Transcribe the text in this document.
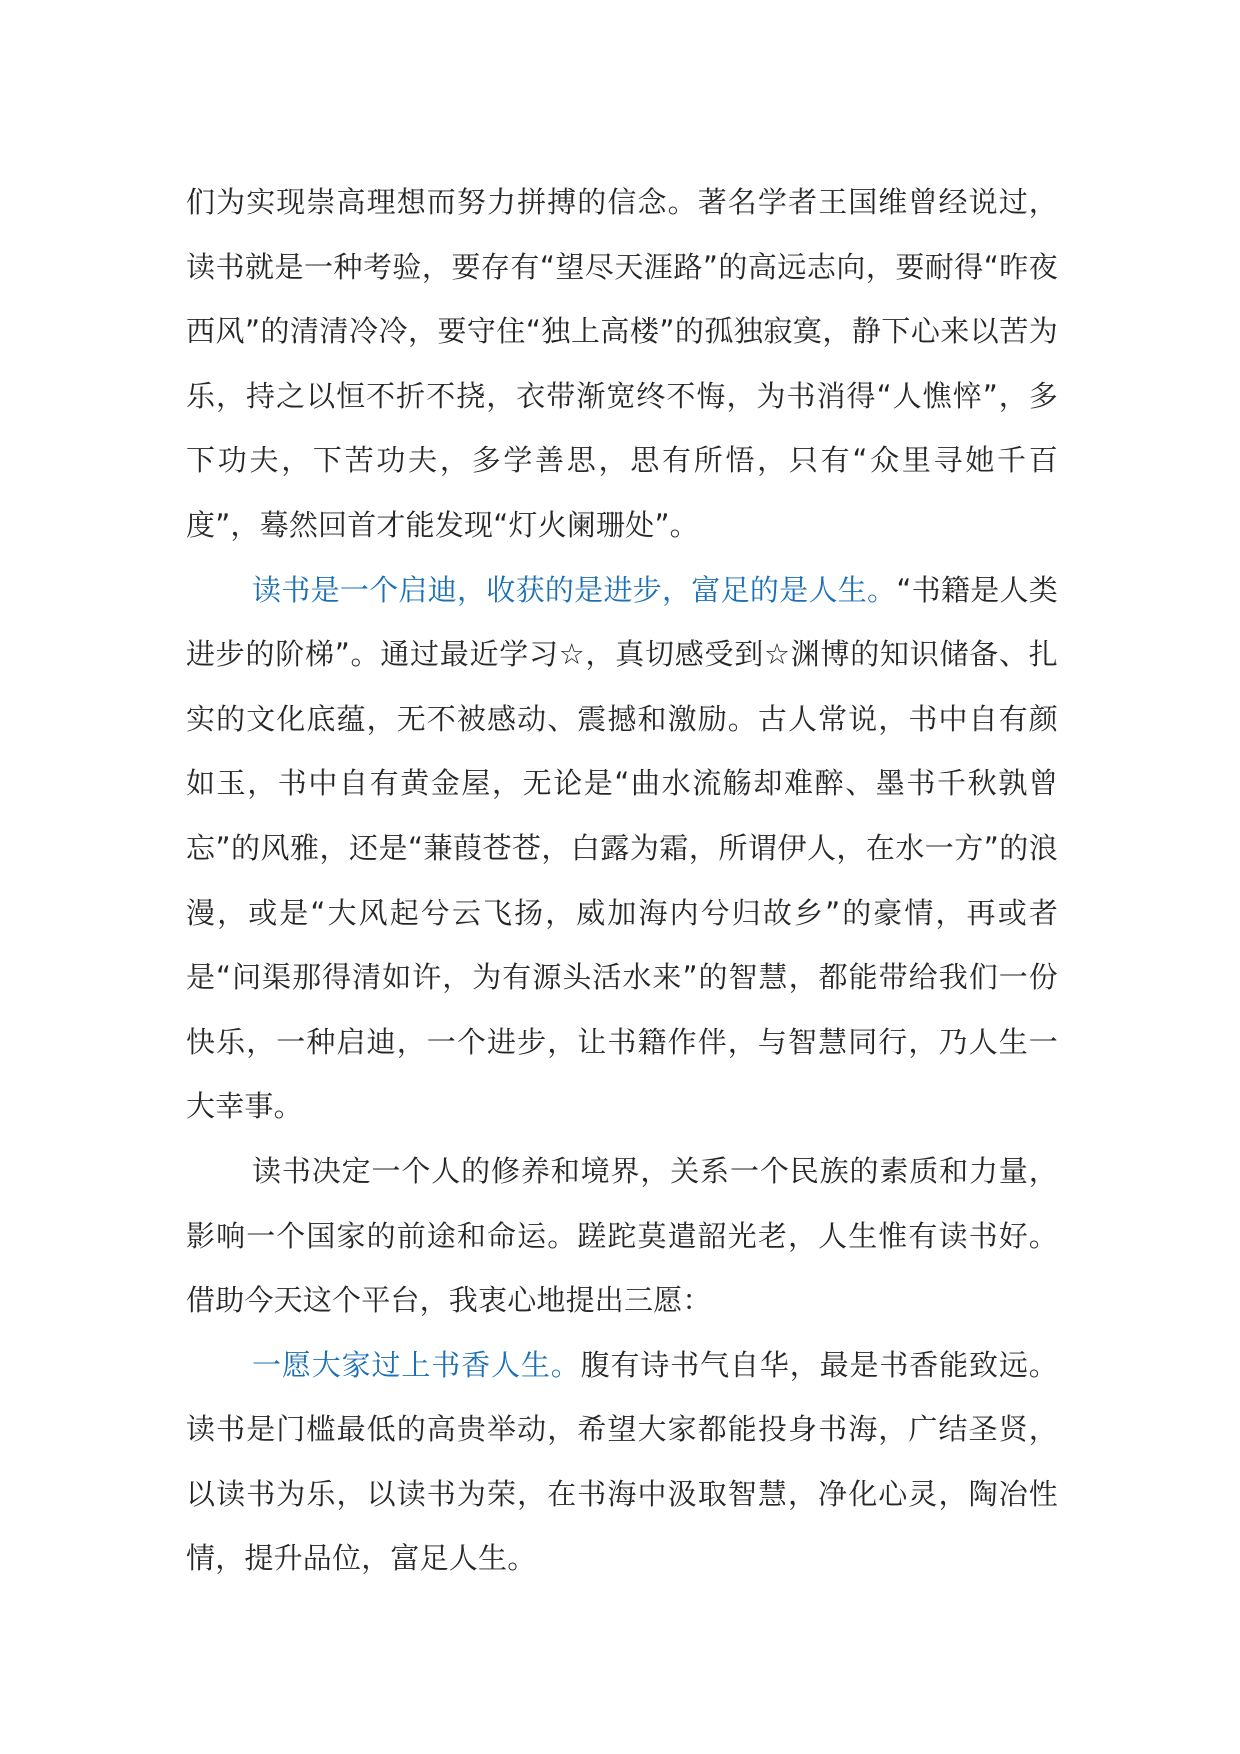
们为实现崇高理想而努力拼搏的信念。著名学者王国维曾经说过，读书就是一种考验，要存有“望尽天涯路”的高远志向，要耐得“昨夜西风”的清清冷冷，要守住“独上高楼”的孤独寂寞，静下心来以苦为乐，持之以恒不折不挠，衣带渐宽终不悔，为书消得“人憔悴”，多下功夫，下苦功夫，多学善思，思有所悟，只有“众里寻她千百度”，蓦然回首才能发现“灯火阑珊处”。

读书是一个启迪，收获的是进步，富足的是人生。“书籍是人类进步的阶梯”。通过最近学习☆，真切感受到☆渊博的知识储备、扎实的文化底蕴，无不被感动、震撼和激励。古人常说，书中自有颜如玉，书中自有黄金屋，无论是“曲水流觞却难醉、墨书千秋孰曾忘”的风雅，还是“蒹葭苍苍，白露为霜，所谓伊人，在水一方”的浪漫，或是“大风起兮云飞扬，威加海内兮归故乡”的豪情，再或者是“问渠那得清如许，为有源头活水来”的智慧，都能带给我们一份快乐，一种启迪，一个进步，让书籍作伴，与智慧同行，乃人生一大幸事。

读书决定一个人的修养和境界，关系一个民族的素质和力量，影响一个国家的前途和命运。蹉跎莫遣韶光老，人生惟有读书好。借助今天这个平台，我衷心地提出三愿：

一愿大家过上书香人生。腹有诗书气自华，最是书香能致远。读书是门槛最低的高贵举动，希望大家都能投身书海，广结圣贤，以读书为乐，以读书为荣，在书海中汲取智慧，净化心灵，陶冶性情，提升品位，富足人生。
